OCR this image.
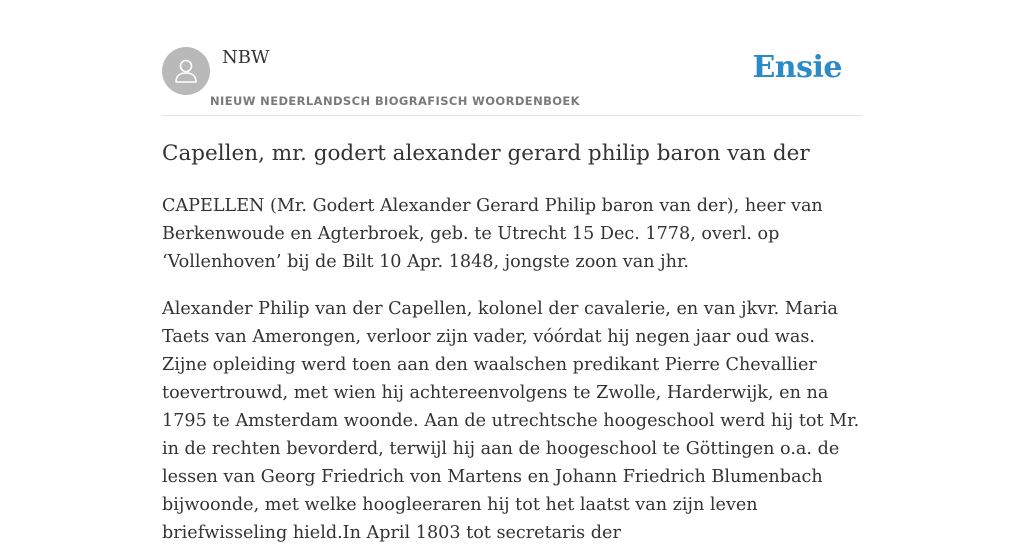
NBW
NIEUW NEDERLANDSCH BIOGRAFISCH WOORDENBOEK
Ensie
Capellen, mr. godert alexander gerard philip baron van der

CAPELLEN (Mr. Godert Alexander Gerard Philip baron van der), heer van Berkenwoude en Agterbroek, geb. te Utrecht 15 Dec. 1778, overl. op ‘Vollenhoven’ bij de Bilt 10 Apr. 1848, jongste zoon van jhr.

Alexander Philip van der Capellen, kolonel der cavalerie, en van jkvr. Maria Taets van Amerongen, verloor zijn vader, vóórdat hij negen jaar oud was. Zijne opleiding werd toen aan den waalschen predikant Pierre Chevallier toevertrouwd, met wien hij achtereenvolgens te Zwolle, Harderwijk, en na 1795 te Amsterdam woonde. Aan de utrechtsche hoogeschool werd hij tot Mr. in de rechten bevorderd, terwijl hij aan de hoogeschool te Göttingen o.a. de lessen van Georg Friedrich von Martens en Johann Friedrich Blumenbach bijwoonde, met welke hoogleeraren hij tot het laatst van zijn leven briefwisseling hield.In April 1803 tot secretaris der
